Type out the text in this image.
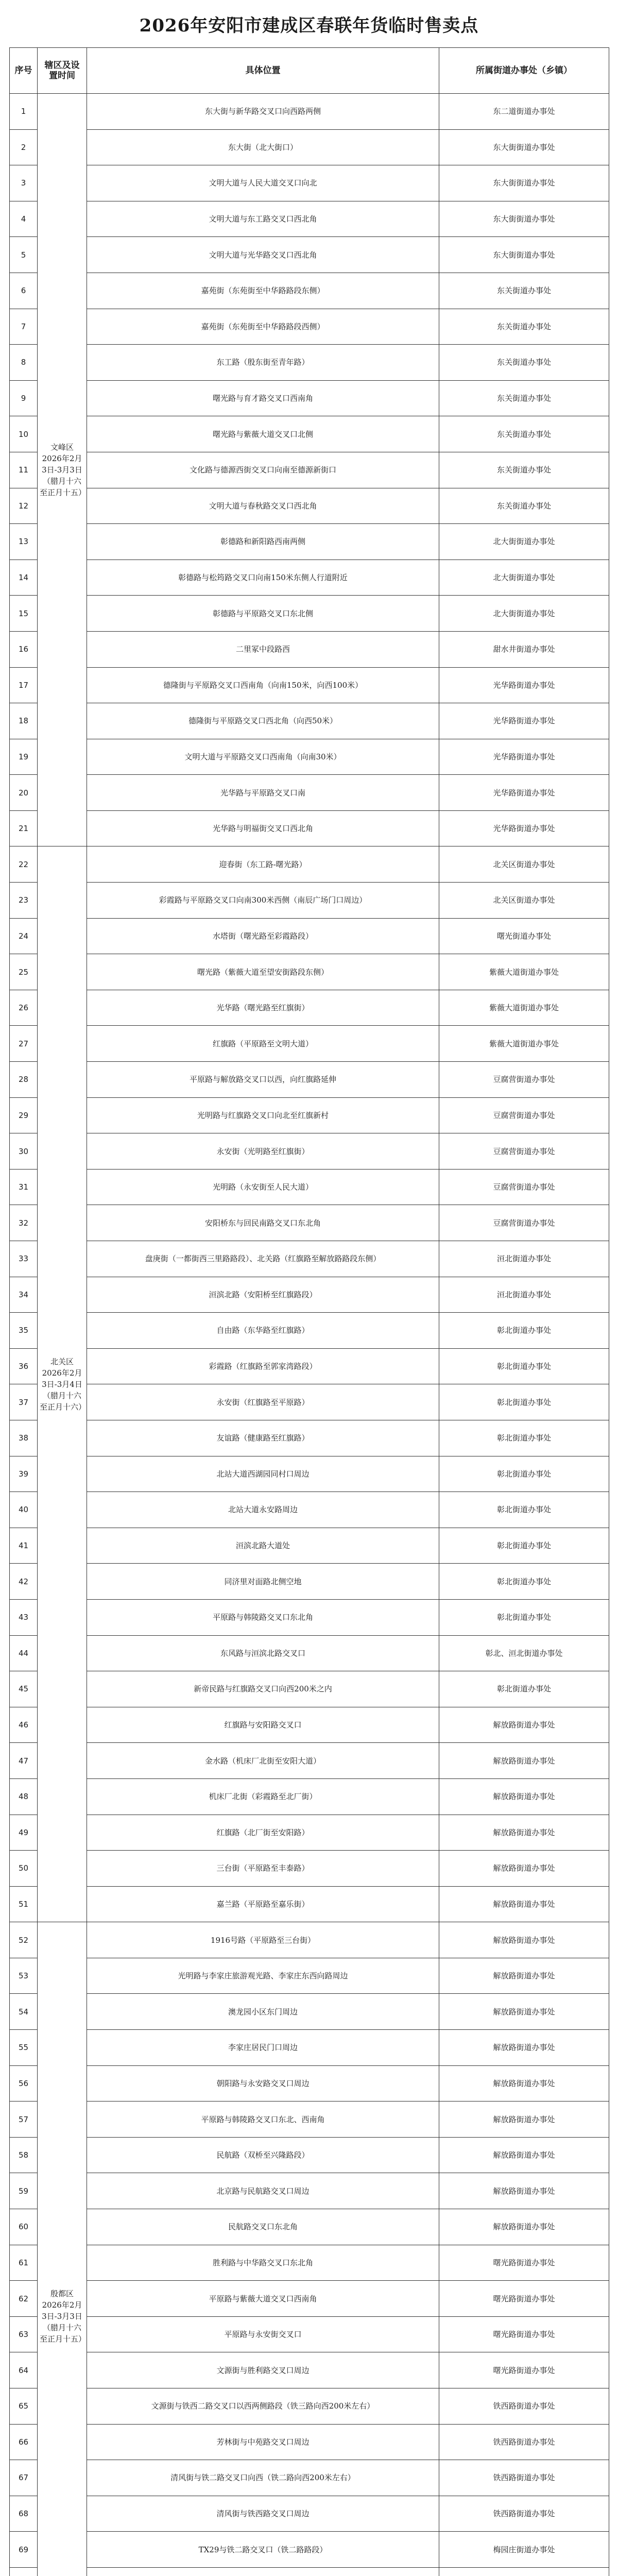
2026年安阳市建成区春联年货临时售卖点
序号	辖区及设置时间	具体位置	所属街道办事处（乡镇）
1	文峰区 2026年2月3日-3月3日（腊月十六至正月十五）	东大街与新华路交叉口向西路两侧	东二道街道办事处
2		东大街（北大街口）	东大街街道办事处
3		文明大道与人民大道交叉口向北	东大街街道办事处
4		文明大道与东工路交叉口西北角	东大街街道办事处
5		文明大道与光华路交叉口西北角	东大街街道办事处
6		嘉苑街（东苑街至中华路路段东侧）	东关街道办事处
7		嘉苑街（东苑街至中华路路段西侧）	东关街道办事处
8		东工路（殷东街至青年路）	东关街道办事处
9		曙光路与育才路交叉口西南角	东关街道办事处
10		曙光路与紫薇大道交叉口北侧	东关街道办事处
11		文化路与德源西街交叉口向南至德源新街口	东关街道办事处
12		文明大道与春秋路交叉口西北角	东关街道办事处
13		彰德路和新阳路西南两侧	北大街街道办事处
14		彰德路与松筠路交叉口向南150米东侧人行道附近	北大街街道办事处
15		彰德路与平原路交叉口东北侧	北大街街道办事处
16		二里冢中段路西	甜水井街道办事处
17		德隆街与平原路交叉口西南角（向南150米，向西100米）	光华路街道办事处
18		德隆街与平原路交叉口西北角（向西50米）	光华路街道办事处
19		文明大道与平原路交叉口西南角（向南30米）	光华路街道办事处
20		光华路与平原路交叉口南	光华路街道办事处
21		光华路与明福街交叉口西北角	光华路街道办事处
22	北关区 2026年2月3日-3月4日（腊月十六至正月十六）	迎春街（东工路-曙光路）	北关区街道办事处
23		彩霞路与平原路交叉口向南300米西侧（南辰广场门口周边）	北关区街道办事处
24		水塔街（曙光路至彩霞路段）	曙光街道办事处
25		曙光路（紫薇大道至望安街路段东侧）	紫薇大道街道办事处
26		光华路（曙光路至红旗街）	紫薇大道街道办事处
27		红旗路（平原路至文明大道）	紫薇大道街道办事处
28		平原路与解放路交叉口以西，向红旗路延伸	豆腐营街道办事处
29		光明路与红旗路交叉口向北至红旗新村	豆腐营街道办事处
30		永安街（光明路至红旗街）	豆腐营街道办事处
31		光明路（永安街至人民大道）	豆腐营街道办事处
32		安阳桥东与回民南路交叉口东北角	豆腐营街道办事处
33		盘庚街（一都街西三里路路段）、北关路（红旗路至解放路路段东侧）	洹北街道办事处
34		洹滨北路（安阳桥至红旗路段）	洹北街道办事处
35		自由路（东华路至红旗路）	彰北街道办事处
36		彩霞路（红旗路至郭家湾路段）	彰北街道办事处
37		永安街（红旗路至平原路）	彰北街道办事处
38		友谊路（健康路至红旗路）	彰北街道办事处
39		北站大道西湖园同村口周边	彰北街道办事处
40		北站大道永安路周边	彰北街道办事处
41		洹滨北路大道处	彰北街道办事处
42		同济里对面路北侧空地	彰北街道办事处
43		平原路与韩陵路交叉口东北角	彰北街道办事处
44		东风路与洹滨北路交叉口	彰北、洹北街道办事处
45		新帝民路与红旗路交叉口向西200米之内	彰北街道办事处
46		红旗路与安阳路交叉口	解放路街道办事处
47		金水路（机床厂北街至安阳大道）	解放路街道办事处
48		机床厂北街（彩霞路至北厂街）	解放路街道办事处
49		红旗路（北厂街至安阳路）	解放路街道办事处
50		三台街（平原路至丰泰路）	解放路街道办事处
51		嘉兰路（平原路至嘉乐街）	解放路街道办事处
52	殷都区 2026年2月3日-3月3日（腊月十六至正月十五）	1916号路（平原路至三台街）	解放路街道办事处
53		光明路与李家庄旅游观光路、李家庄东西向路周边	解放路街道办事处
54		澳龙园小区东门周边	解放路街道办事处
55		李家庄居民门口周边	解放路街道办事处
56		朝阳路与永安路交叉口周边	解放路街道办事处
57		平原路与韩陵路交叉口东北、西南角	解放路街道办事处
58		民航路（双桥至兴隆路段）	解放路街道办事处
59		北京路与民航路交叉口周边	解放路街道办事处
60		民航路交叉口东北角	解放路街道办事处
61		胜利路与中华路交叉口东北角	曙光路街道办事处
62		平原路与紫薇大道交叉口西南角	曙光路街道办事处
63		平原路与永安街交叉口	曙光路街道办事处
64		文源街与胜利路交叉口周边	曙光路街道办事处
65		文源街与铁西二路交叉口以西两侧路段（铁三路向西200米左右）	铁西路街道办事处
66		芳林街与中苑路交叉口周边	铁西路街道办事处
67		清风街与铁二路交叉口向西（铁二路向西200米左右）	铁西路街道办事处
68		清风街与铁西路交叉口周边	铁西路街道办事处
69		TX29与铁二路交叉口（铁二路路段）	梅园庄街道办事处
